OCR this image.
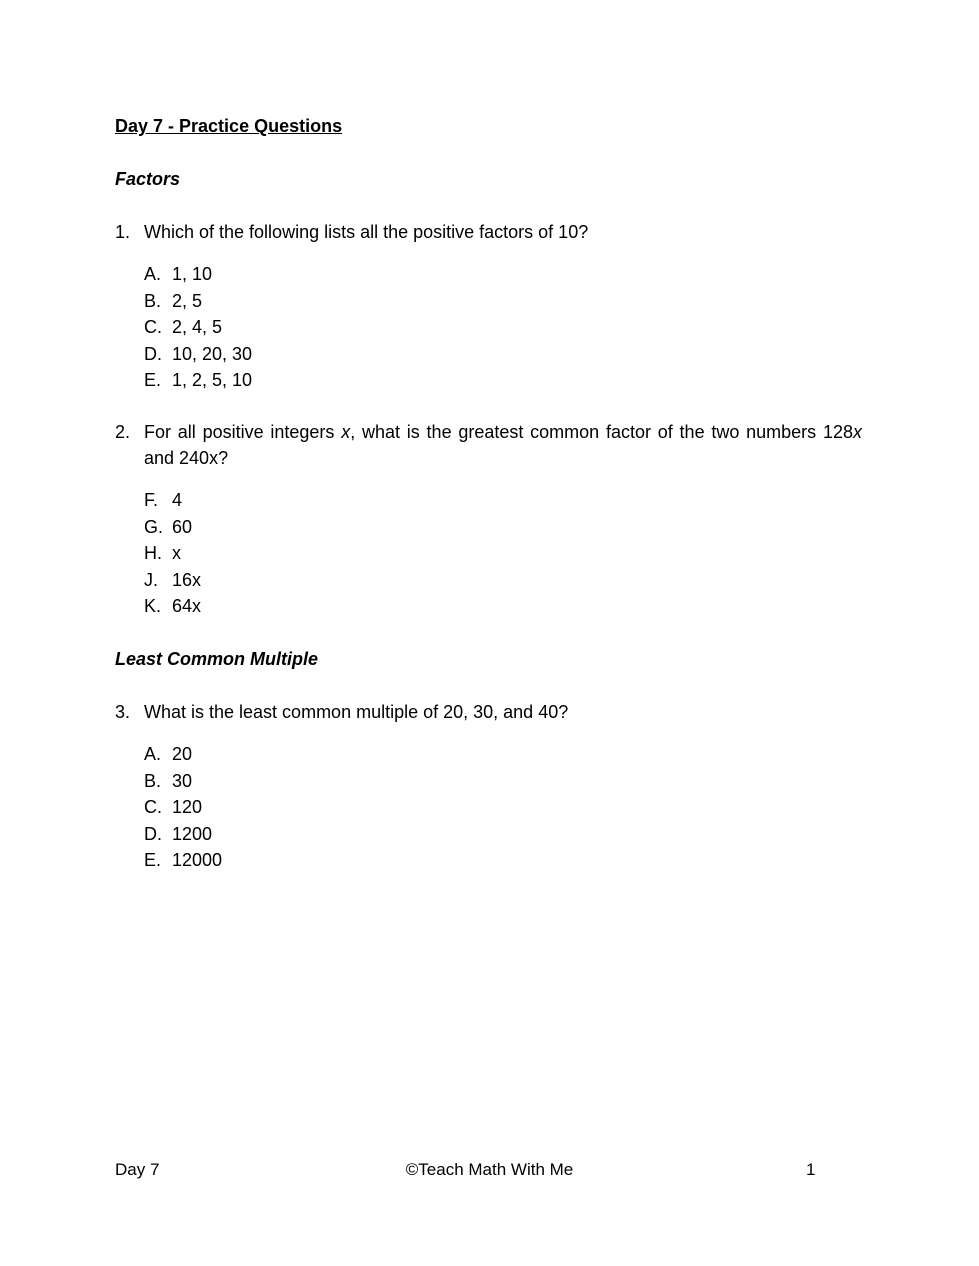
Day 7 - Practice Questions
Factors
1. Which of the following lists all the positive factors of 10?
A. 1, 10
B. 2, 5
C. 2, 4, 5
D. 10, 20, 30
E. 1, 2, 5, 10
2. For all positive integers x, what is the greatest common factor of the two numbers 128x and 240x?
F. 4
G. 60
H. x
J. 16x
K. 64x
Least Common Multiple
3. What is the least common multiple of 20, 30, and 40?
A. 20
B. 30
C. 120
D. 1200
E. 12000
Day 7	©Teach Math With Me	1
